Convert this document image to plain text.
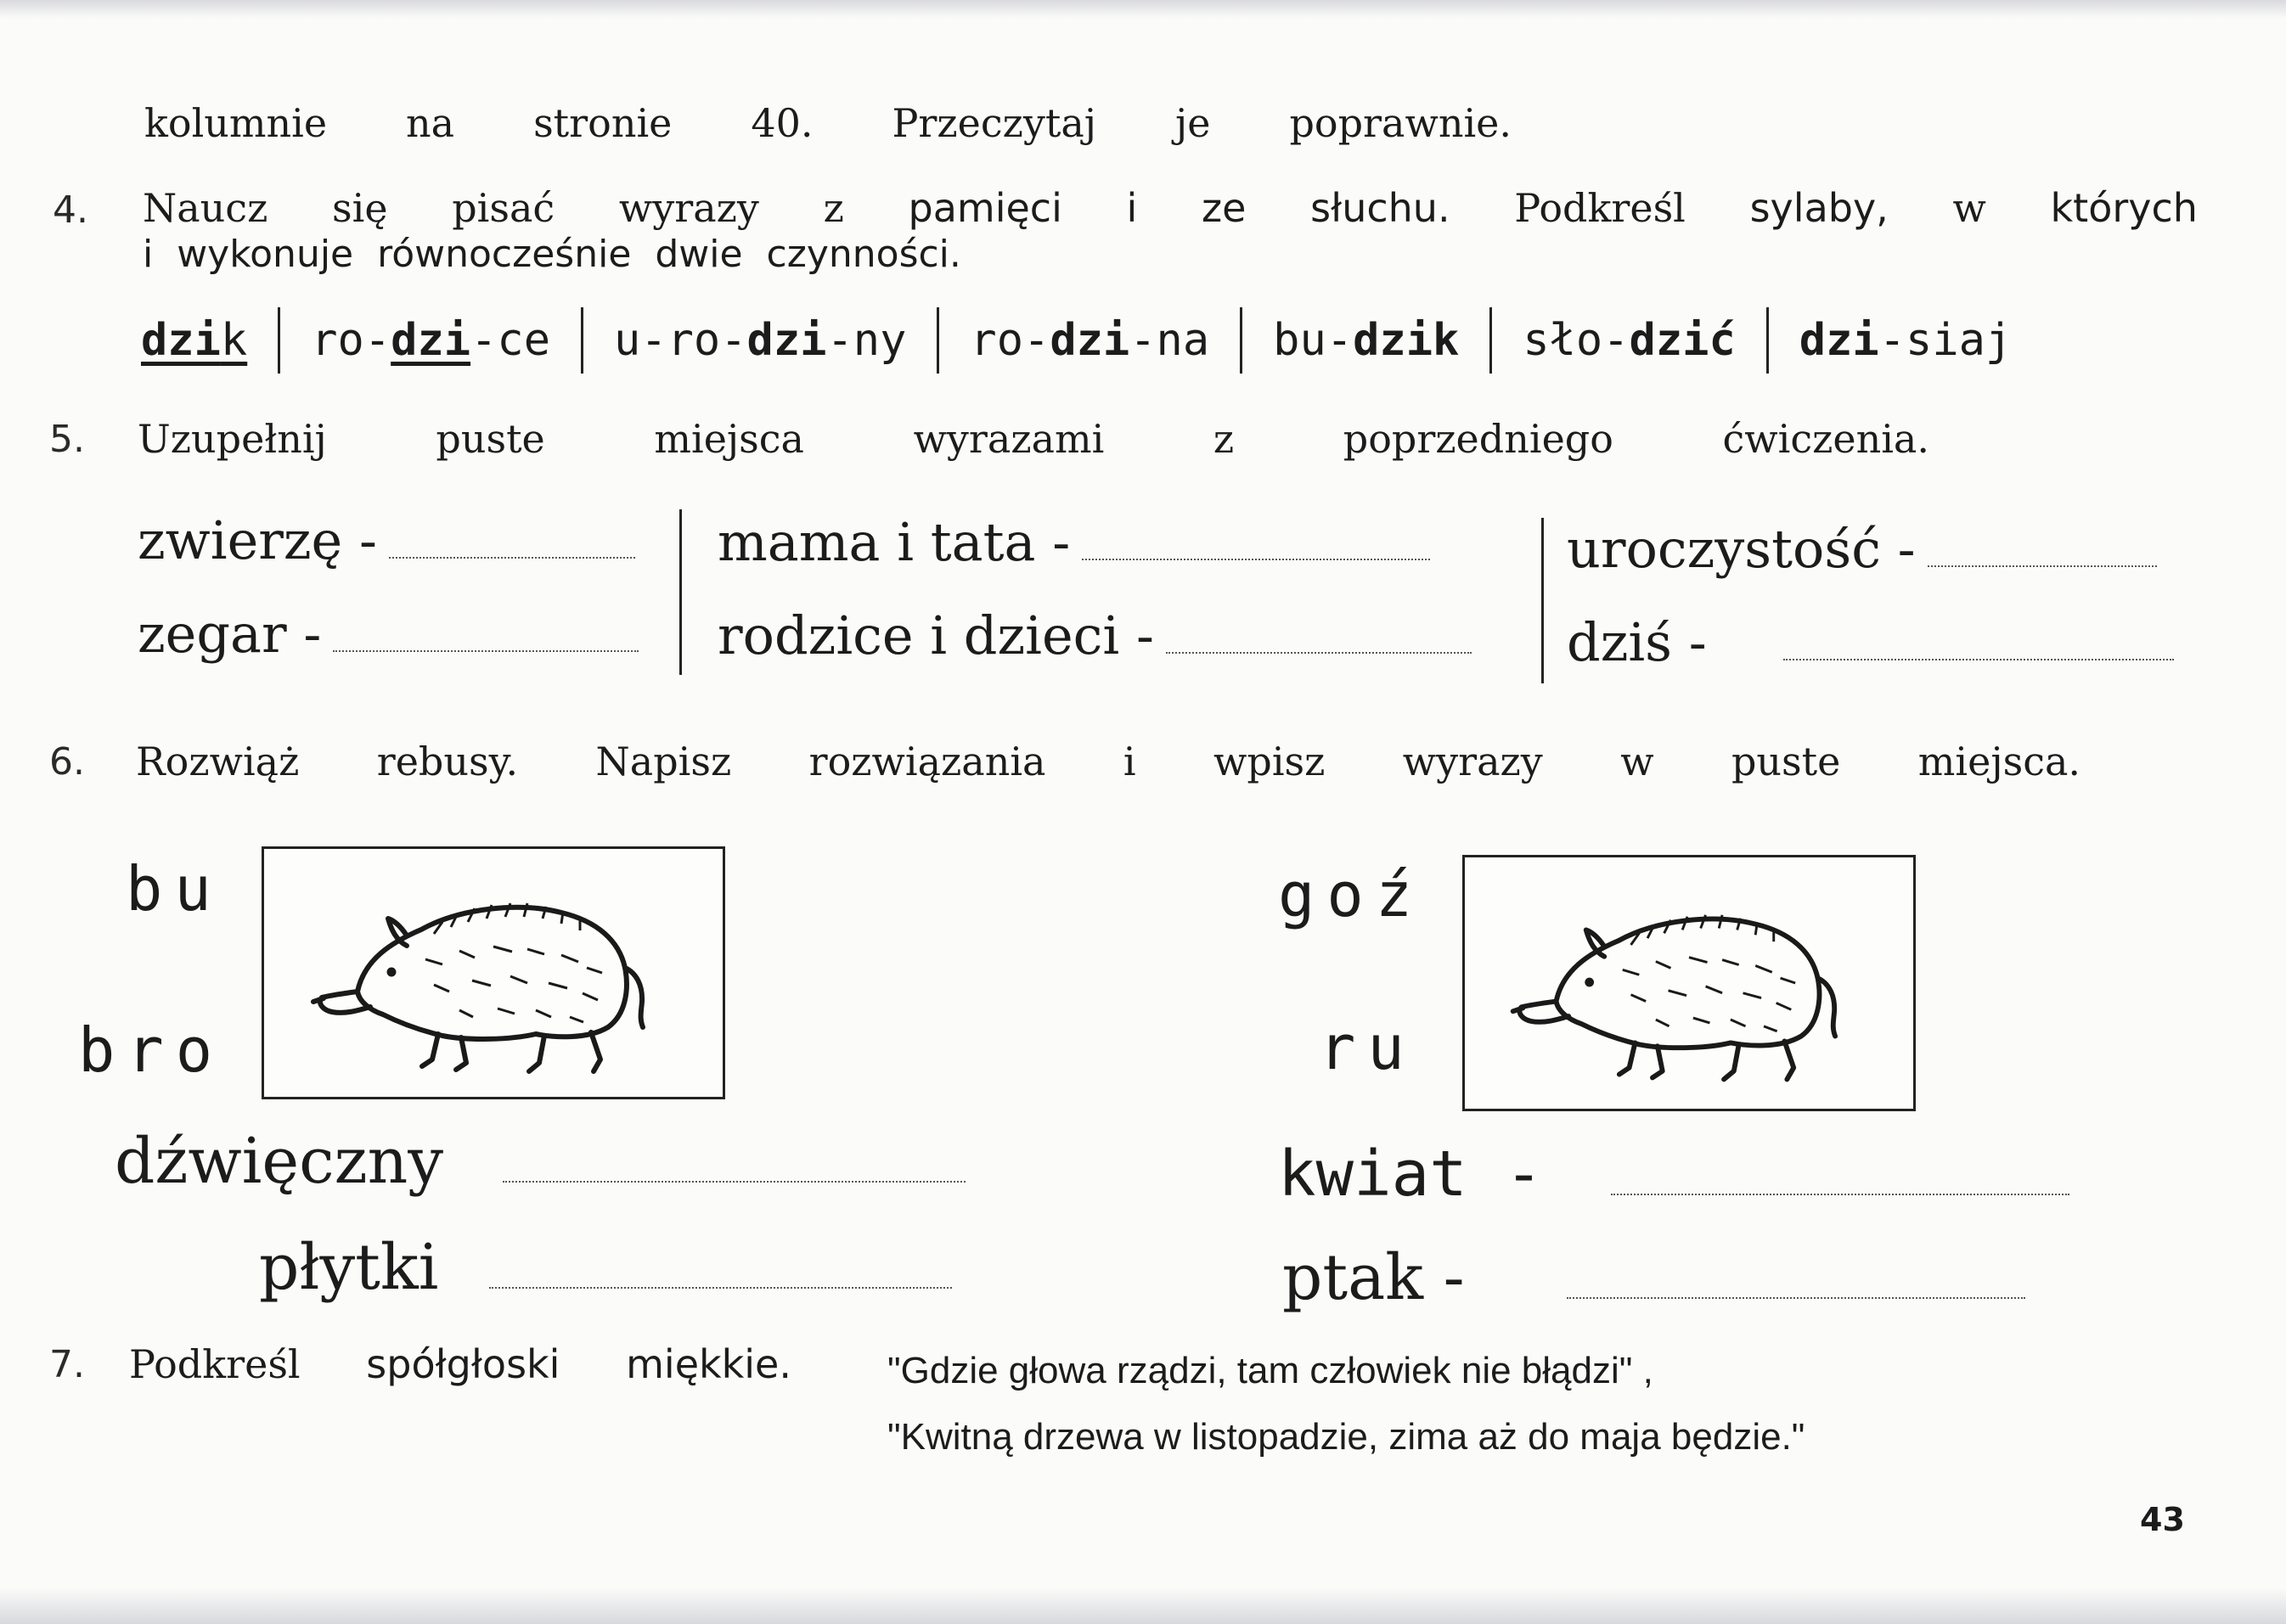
kolumnie na stronie 40. Przeczytaj je poprawnie.
4. Naucz się pisać wyrazy z pamięci i ze słuchu. Podkreśl sylaby, w których
i  wykonuje  równocześnie  dwie  czynności.
dzik	ro-dzi-ce	u-ro-dzi-ny	ro-dzi-na	bu-dzik	sło-dzić	dzi-siaj
5. Uzupełnij	puste	miejsca	wyrazami	z	poprzedniego	ćwiczenia.
zwierzę -
zegar -
mama i tata -
rodzice i dzieci -
uroczystość -
dziś -
6. Rozwiąż rebusy. Napisz rozwiązania i wpisz wyrazy w puste miejsca.
bu
bro
goź
ru
dźwięczny
płytki
kwiat -
ptak -
7. Podkreśl spółgłoski miękkie.	"Gdzie głowa rządzi, tam człowiek nie błądzi" ,
"Kwitną drzewa w listopadzie, zima aż do maja będzie."
43
